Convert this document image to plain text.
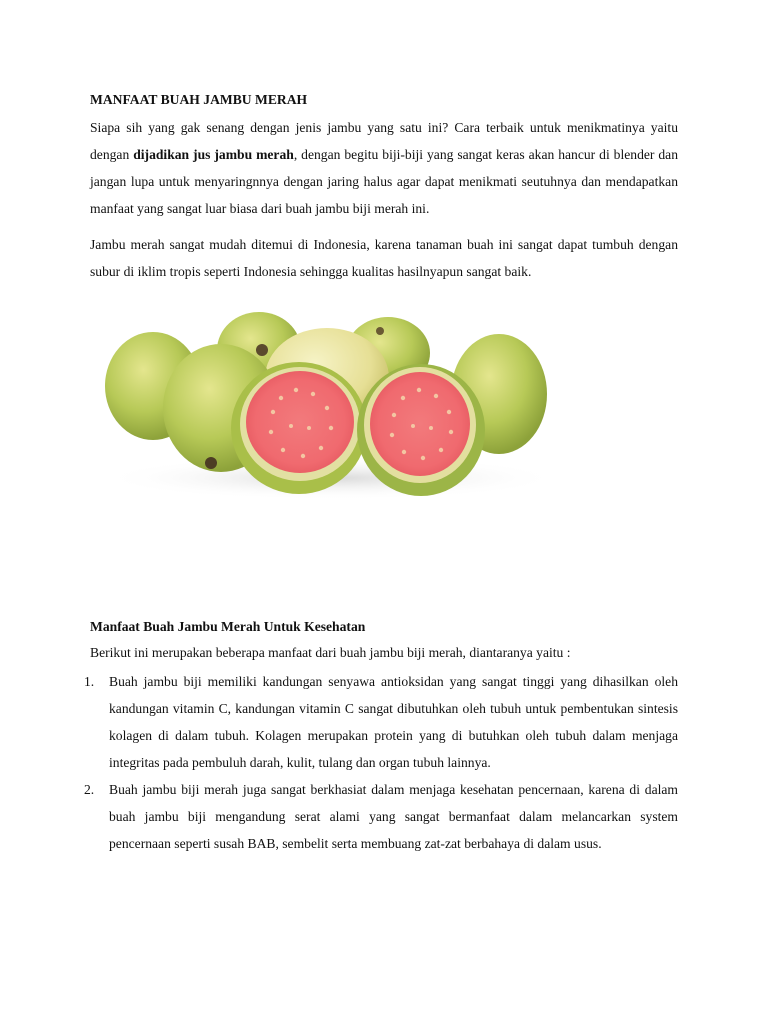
MANFAAT BUAH JAMBU MERAH

Siapa sih yang gak senang dengan jenis jambu yang satu ini? Cara terbaik untuk menikmatinya yaitu dengan dijadikan jus jambu merah, dengan begitu biji-biji yang sangat keras akan hancur di blender dan jangan lupa untuk menyaringnnya dengan jaring halus agar dapat menikmati seutuhnya dan mendapatkan manfaat yang sangat luar biasa dari buah jambu biji merah ini.

Jambu merah sangat mudah ditemui di Indonesia, karena tanaman buah ini sangat dapat tumbuh dengan subur di iklim tropis seperti Indonesia sehingga kualitas hasilnyapun sangat baik.

Manfaat Buah Jambu Merah Untuk Kesehatan
Berikut ini merupakan beberapa manfaat dari buah jambu biji merah, diantaranya yaitu :
1. Buah jambu biji memiliki kandungan senyawa antioksidan yang sangat tinggi yang dihasilkan oleh kandungan vitamin C, kandungan vitamin C sangat dibutuhkan oleh tubuh untuk pembentukan sintesis kolagen di dalam tubuh. Kolagen merupakan protein yang di butuhkan oleh tubuh dalam menjaga integritas pada pembuluh darah, kulit, tulang dan organ tubuh lainnya.
2. Buah jambu biji merah juga sangat berkhasiat dalam menjaga kesehatan pencernaan, karena di dalam buah jambu biji mengandung serat alami yang sangat bermanfaat dalam melancarkan system pencernaan seperti susah BAB, sembelit serta membuang zat-zat berbahaya di dalam usus.
